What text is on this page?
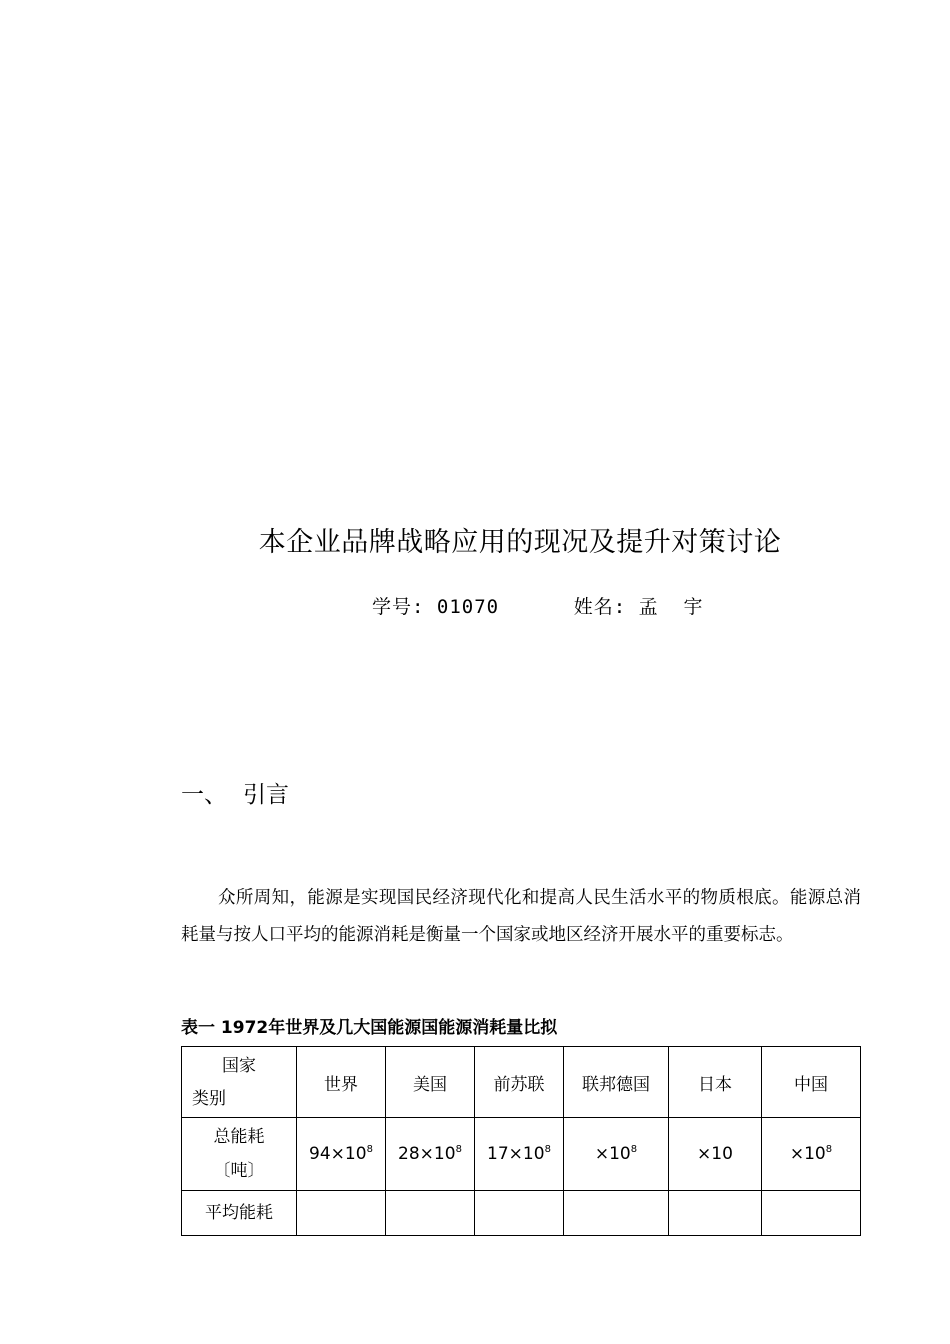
本企业品牌战略应用的现况及提升对策讨论
学号: 01070      姓名: 孟  宇
一、 引言

众所周知，能源是实现国民经济现代化和提高人民生活水平的物质根底。能源总消耗量与按人口平均的能源消耗是衡量一个国家或地区经济开展水平的重要标志。

表一 1972年世界及几大国能源国能源消耗量比拟
国家
类别	世界	美国	前苏联	联邦德国	日本	中国

总能耗
〔吨〕	$94\times 10^8$	$28\times 10^8$	$17\times 10^8$	$\times 10^8$	×10	$\times 10^8$

平均能耗						
